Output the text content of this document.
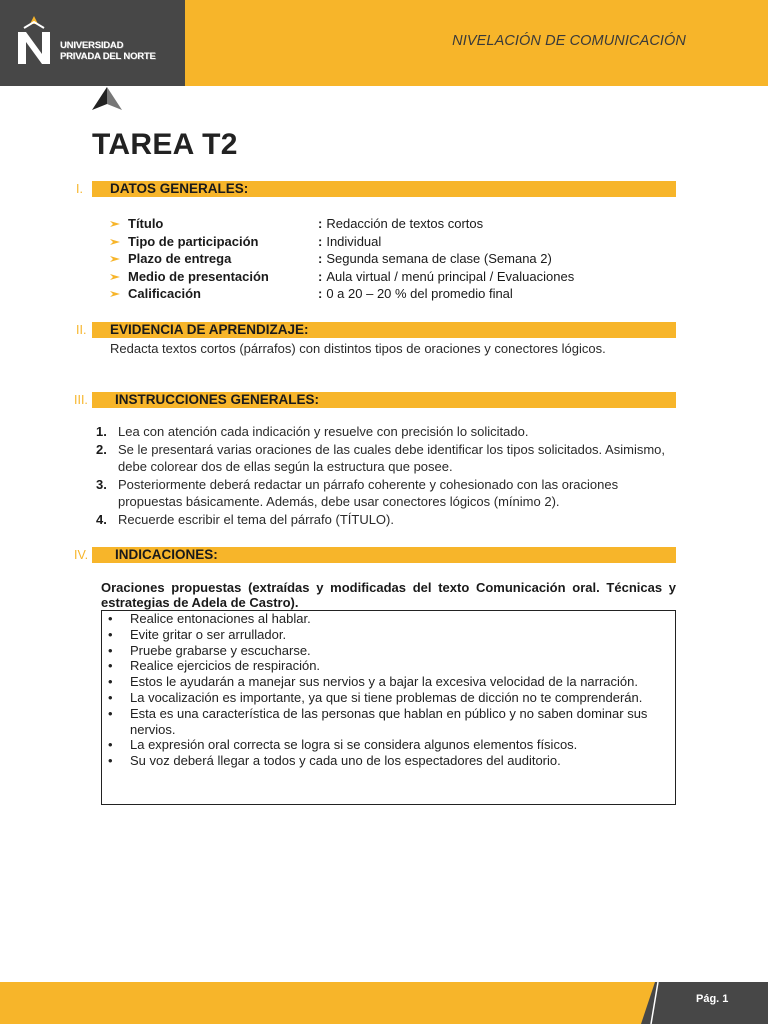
UNIVERSIDAD
PRIVADA DEL NORTE
NIVELACIÓN DE COMUNICACIÓN
TAREA T2
I. DATOS GENERALES:
Título	: Redacción de textos cortos
Tipo de participación	: Individual
Plazo de entrega	: Segunda semana de clase (Semana 2)
Medio de presentación	: Aula virtual / menú principal / Evaluaciones
Calificación	: 0 a 20 – 20 % del promedio final
II. EVIDENCIA DE APRENDIZAJE:
Redacta textos cortos (párrafos) con distintos tipos de oraciones y conectores lógicos.
III. INSTRUCCIONES GENERALES:
1. Lea con atención cada indicación y resuelve con precisión lo solicitado.
2. Se le presentará varias oraciones de las cuales debe identificar los tipos solicitados. Asimismo, debe colorear dos de ellas según la estructura que posee.
3. Posteriormente deberá redactar un párrafo coherente y cohesionado con las oraciones propuestas básicamente. Además, debe usar conectores lógicos (mínimo 2).
4. Recuerde escribir el tema del párrafo (TÍTULO).
IV. INDICACIONES:
Oraciones propuestas (extraídas y modificadas del texto Comunicación oral. Técnicas y estrategias de Adela de Castro).
• Realice entonaciones al hablar.
• Evite gritar o ser arrullador.
• Pruebe grabarse y escucharse.
• Realice ejercicios de respiración.
• Estos le ayudarán a manejar sus nervios y a bajar la excesiva velocidad de la narración.
• La vocalización es importante, ya que si tiene problemas de dicción no te comprenderán.
• Esta es una característica de las personas que hablan en público y no saben dominar sus nervios.
• La expresión oral correcta se logra si se considera algunos elementos físicos.
• Su voz deberá llegar a todos y cada uno de los espectadores del auditorio.
Pág. 1
